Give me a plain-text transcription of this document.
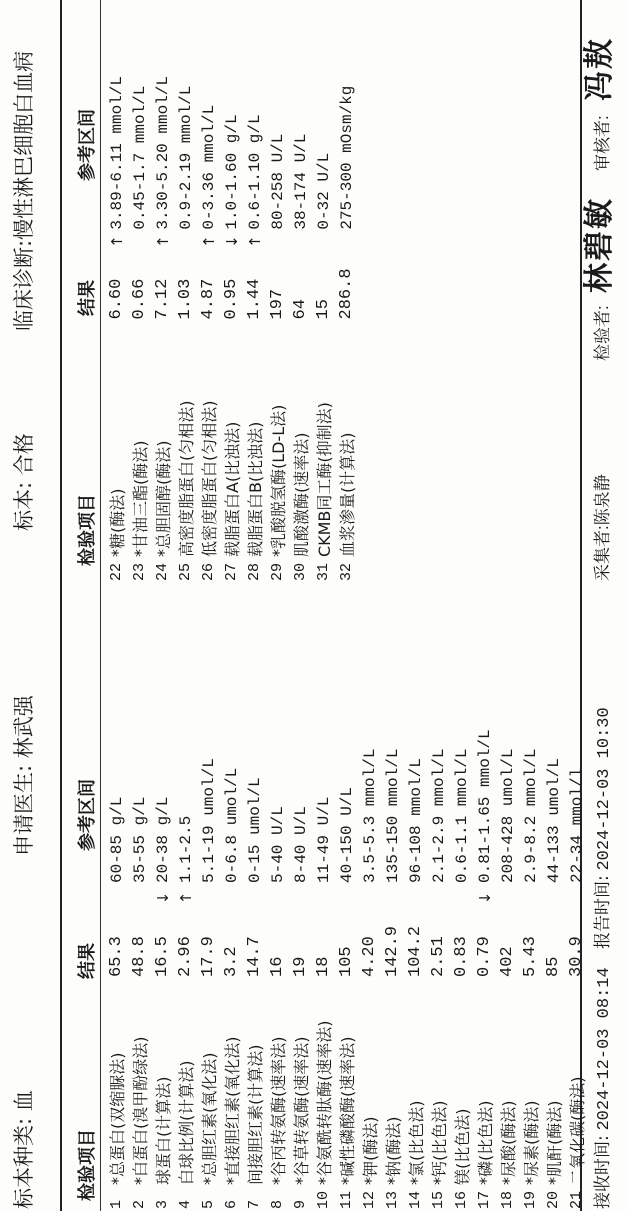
标本种类: 血
申请医生: 林武强
标本: 合格
临床诊断:慢性淋巴细胞白血病
检验项目
结果
参考区间
检验项目
结果
参考区间
1	*总蛋白(双缩脲法)	65.3		60-85 g/L
2	*白蛋白(溴甲酚绿法)	48.8		35-55 g/L
3	球蛋白(计算法)	16.5	↓	20-38 g/L
4	白球比例(计算法)	2.96	↑	1.1-2.5
5	*总胆红素(氧化法)	17.9		5.1-19 umol/L
6	*直接胆红素(氧化法)	3.2		0-6.8 umol/L
7	间接胆红素(计算法)	14.7		0-15 umol/L
8	*谷丙转氨酶(速率法)	16		5-40 U/L
9	*谷草转氨酶(速率法)	19		8-40 U/L
10	*谷氨酰转肽酶(速率法)	18		11-49 U/L
11	*碱性磷酸酶(速率法)	105		40-150 U/L
12	*钾(酶法)	4.20		3.5-5.3 mmol/L
13	*钠(酶法)	142.9		135-150 mmol/L
14	*氯(比色法)	104.2		96-108 mmol/L
15	*钙(比色法)	2.51		2.1-2.9 mmol/L
16	镁(比色法)	0.83		0.6-1.1 mmol/L
17	*磷(比色法)	0.79	↓	0.81-1.65 mmol/L
18	*尿酸(酶法)	402		208-428 umol/L
19	*尿素(酶法)	5.43		2.9-8.2 mmol/L
20	*肌酐(酶法)	85		44-133 umol/L
21	二氧化碳(酶法)	30.9		22-34 mmol/l
22	*糖(酶法)	6.60	↑	3.89-6.11 mmol/L
23	*甘油三酯(酶法)	0.66		0.45-1.7 mmol/L
24	*总胆固醇(酶法)	7.12	↑	3.30-5.20 mmol/L
25	高密度脂蛋白(匀相法)	1.03		0.9-2.19 mmol/L
26	低密度脂蛋白(匀相法)	4.87	↑	0-3.36 mmol/L
27	载脂蛋白A(比浊法)	0.95	↓	1.0-1.60 g/L
28	载脂蛋白B(比浊法)	1.44	↑	0.6-1.10 g/L
29	*乳酸脱氢酶(LD-L法)	197		80-258 U/L
30	肌酸激酶(速率法)	64		38-174 U/L
31	CKMB同工酶(抑制法)	15		0-32 U/L
32	血浆渗量(计算法)	286.8		275-300 mOsm/kg
接收时间: 2024-12-03 08:14
报告时间: 2024-12-03 10:30
采集者:陈泉静
检验者:
林碧敏
审核者:
冯敖
